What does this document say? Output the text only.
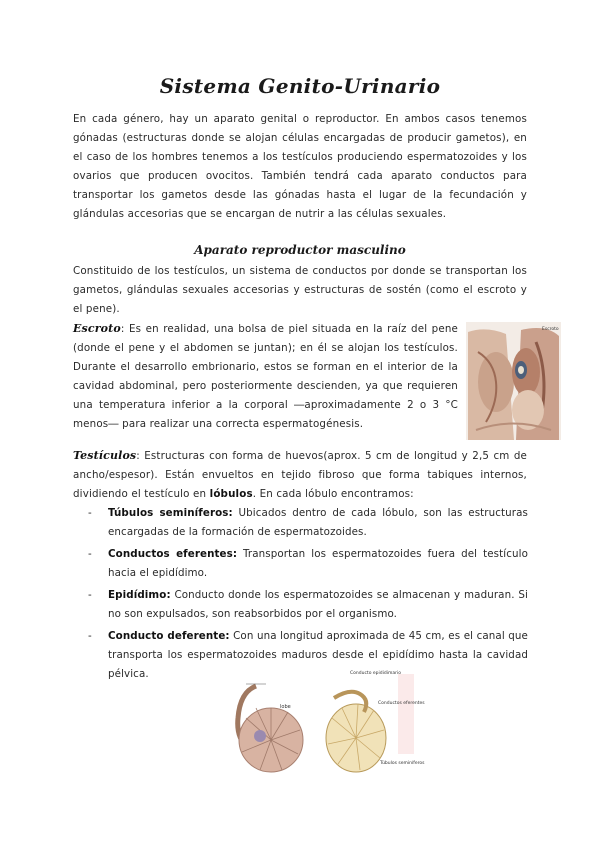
Sistema Genito-Urinario
En cada género, hay un aparato genital o reproductor. En ambos casos tenemos gónadas (estructuras donde se alojan células encargadas de producir gametos), en el caso de los hombres tenemos a los testículos produciendo espermatozoides y los ovarios que producen ovocitos. También tendrá cada aparato conductos para transportar los gametos desde las gónadas hasta el lugar de la fecundación y glándulas accesorias que se encargan de nutrir a las células sexuales.
Aparato reproductor masculino
Constituido de los testículos, un sistema de conductos por donde se transportan los gametos, glándulas sexuales accesorias y estructuras de sostén (como el escroto y el pene).
Escroto: Es en realidad, una bolsa de piel situada en la raíz del pene (donde el pene y el abdomen se juntan); en él se alojan los testículos. Durante el desarrollo embrionario, estos se forman en el interior de la cavidad abdominal, pero posteriormente descienden, ya que requieren una temperatura inferior a la corporal ―aproximadamente 2 o 3 °C menos― para realizar una correcta espermatogénesis.
Escroto
Testículos: Estructuras con forma de huevos(aprox. 5 cm de longitud y 2,5 cm de ancho/espesor). Están envueltos en tejido fibroso que forma tabiques internos, dividiendo el testículo en lóbulos. En cada lóbulo encontramos:
- Túbulos seminíferos: Ubicados dentro de cada lóbulo, son las estructuras encargadas de la formación de espermatozoides.
- Conductos eferentes: Transportan los espermatozoides fuera del testículo hacia el epidídimo.
- Epidídimo: Conducto donde los espermatozoides se almacenan y maduran. Si no son expulsados, son reabsorbidos por el organismo.
- Conducto deferente: Con una longitud aproximada de 45 cm, es el canal que transporta los espermatozoides maduros desde el epidídimo hasta la cavidad pélvica.
lobe
Conducto epididimario
Conductos eferentes
Túbulos seminíferos
